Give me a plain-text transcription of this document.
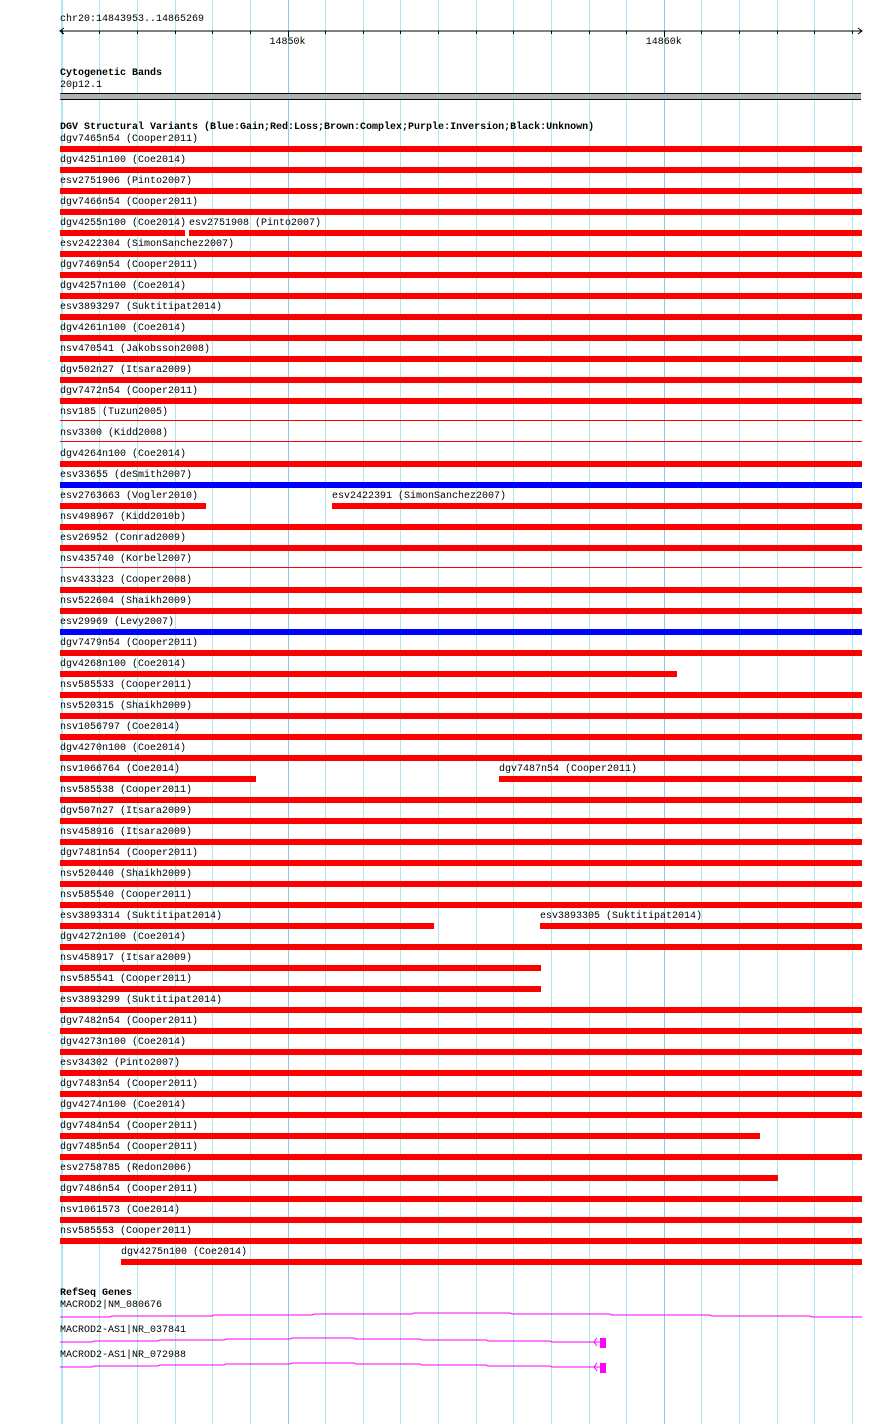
chr20:14843953..14865269
14850k	14860k
Cytogenetic Bands
20p12.1
DGV Structural Variants (Blue:Gain;Red:Loss;Brown:Complex;Purple:Inversion;Black:Unknown)
dgv7465n54 (Cooper2011)
dgv4251n100 (Coe2014)
esv2751906 (Pinto2007)
dgv7466n54 (Cooper2011)
dgv4255n100 (Coe2014) esv2751908 (Pinto2007)
esv2422304 (SimonSanchez2007)
dgv7469n54 (Cooper2011)
dgv4257n100 (Coe2014)
esv3893297 (Suktitipat2014)
dgv4261n100 (Coe2014)
nsv470541 (Jakobsson2008)
dgv502n27 (Itsara2009)
dgv7472n54 (Cooper2011)
nsv185 (Tuzun2005)
nsv3300 (Kidd2008)
dgv4264n100 (Coe2014)
esv33655 (deSmith2007)
esv2763663 (Vogler2010)	esv2422391 (SimonSanchez2007)
nsv498967 (Kidd2010b)
esv26952 (Conrad2009)
nsv435740 (Korbel2007)
nsv433323 (Cooper2008)
nsv522604 (Shaikh2009)
esv29969 (Levy2007)
dgv7479n54 (Cooper2011)
dgv4268n100 (Coe2014)
nsv585533 (Cooper2011)
nsv520315 (Shaikh2009)
nsv1056797 (Coe2014)
dgv4270n100 (Coe2014)
nsv1066764 (Coe2014)	dgv7487n54 (Cooper2011)
nsv585538 (Cooper2011)
dgv507n27 (Itsara2009)
nsv458916 (Itsara2009)
dgv7481n54 (Cooper2011)
nsv520440 (Shaikh2009)
nsv585540 (Cooper2011)
esv3893314 (Suktitipat2014)	esv3893305 (Suktitipat2014)
dgv4272n100 (Coe2014)
nsv458917 (Itsara2009)
nsv585541 (Cooper2011)
esv3893299 (Suktitipat2014)
dgv7482n54 (Cooper2011)
dgv4273n100 (Coe2014)
esv34302 (Pinto2007)
dgv7483n54 (Cooper2011)
dgv4274n100 (Coe2014)
dgv7484n54 (Cooper2011)
dgv7485n54 (Cooper2011)
esv2758785 (Redon2006)
dgv7486n54 (Cooper2011)
nsv1061573 (Coe2014)
nsv585553 (Cooper2011)
dgv4275n100 (Coe2014)
RefSeq Genes
MACROD2|NM_080676
MACROD2-AS1|NR_037841
MACROD2-AS1|NR_072988
